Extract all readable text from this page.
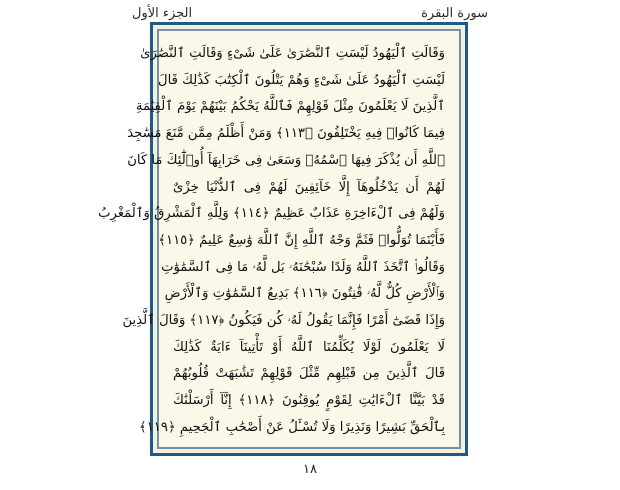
الجزء الأول	سورة البقرة
وَقَالَتِ ٱلْيَهُودُ لَيْسَتِ ٱلنَّصَٰرَىٰ عَلَىٰ شَىْءٍ وَقَالَتِ ٱلنَّصَٰرَىٰ
لَيْسَتِ ٱلْيَهُودُ عَلَىٰ شَىْءٍ وَهُمْ يَتْلُونَ ٱلْكِتَٰبَ كَذَٰلِكَ قَالَ
ٱلَّذِينَ لَا يَعْلَمُونَ مِثْلَ قَوْلِهِمْ فَٱللَّهُ يَحْكُمُ بَيْنَهُمْ يَوْمَ ٱلْقِيَٰمَةِ
فِيمَا كَانُوا۟ فِيهِ يَخْتَلِفُونَ ﴿١١٣﴾ وَمَنْ أَظْلَمُ مِمَّن مَّنَعَ مَسَٰجِدَ
ٱللَّهِ أَن يُذْكَرَ فِيهَا ٱسْمُهُۥ وَسَعَىٰ فِى خَرَابِهَآ أُو۟لَٰٓئِكَ مَا كَانَ
لَهُمْ أَن يَدْخُلُوهَآ إِلَّا خَآئِفِينَ لَهُمْ فِى ٱلدُّنْيَا خِزْىٌ
وَلَهُمْ فِى ٱلْءَاخِرَةِ عَذَابٌ عَظِيمٌ ﴿١١٤﴾ وَلِلَّهِ ٱلْمَشْرِقُ وَٱلْمَغْرِبُ
فَأَيْنَمَا تُوَلُّوا۟ فَثَمَّ وَجْهُ ٱللَّهِ إِنَّ ٱللَّهَ وَٰسِعٌ عَلِيمٌ ﴿١١٥﴾
وَقَالُوا۟ ٱتَّخَذَ ٱللَّهُ وَلَدًا سُبْحَٰنَهُۥ بَل لَّهُۥ مَا فِى ٱلسَّمَٰوَٰتِ
وَٱلْأَرْضِ كُلٌّ لَّهُۥ قَٰنِتُونَ ﴿١١٦﴾ بَدِيعُ ٱلسَّمَٰوَٰتِ وَٱلْأَرْضِ
وَإِذَا قَضَىٰٓ أَمْرًا فَإِنَّمَا يَقُولُ لَهُۥ كُن فَيَكُونُ ﴿١١٧﴾ وَقَالَ ٱلَّذِينَ
لَا يَعْلَمُونَ لَوْلَا يُكَلِّمُنَا ٱللَّهُ أَوْ تَأْتِينَآ ءَايَةٌ كَذَٰلِكَ
قَالَ ٱلَّذِينَ مِن قَبْلِهِم مِّثْلَ قَوْلِهِمْ تَشَٰبَهَتْ قُلُوبُهُمْ
قَدْ بَيَّنَّا ٱلْءَايَٰتِ لِقَوْمٍ يُوقِنُونَ ﴿١١٨﴾ إِنَّآ أَرْسَلْنَٰكَ
بِٱلْحَقِّ بَشِيرًا وَنَذِيرًا وَلَا تُسْـَٔلُ عَنْ أَصْحَٰبِ ٱلْجَحِيمِ ﴿١١٩﴾
١٨
